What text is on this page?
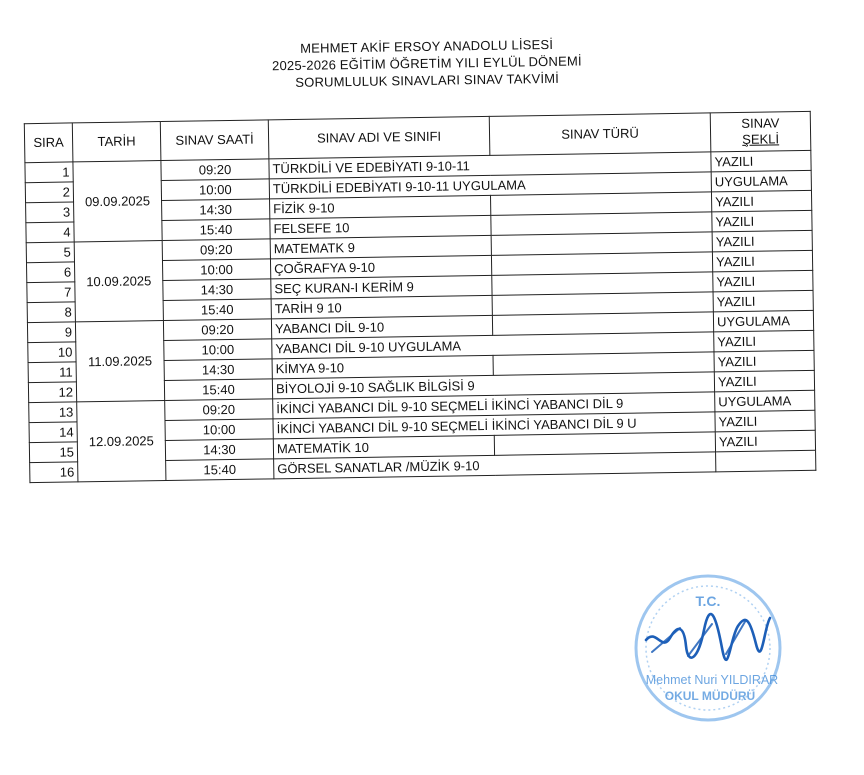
MEHMET AKİF ERSOY ANADOLU LİSESİ
2025-2026 EĞİTİM ÖĞRETİM YILI EYLÜL DÖNEMİ
SORUMLULUK SINAVLARI SINAV TAKVİMİ
SIRA	TARİH	SINAV SAATİ	SINAV ADI VE SINIFI	SINAV TÜRÜ	SINAV
ŞEKLİ

1	09.09.2025	09:20	TÜRKDİLİ VE EDEBİYATI 9-10-11		YAZILI
2		10:00	TÜRKDİLİ EDEBİYATI 9-10-11 UYGULAMA		UYGULAMA
3		14:30	FİZİK 9-10		YAZILI
4		15:40	FELSEFE 10		YAZILI
5	10.09.2025	09:20	MATEMATK 9		YAZILI
6		10:00	ÇOĞRAFYA 9-10		YAZILI
7		14:30	SEÇ KURAN-I KERİM 9		YAZILI
8		15:40	TARİH 9 10		YAZILI
9	11.09.2025	09:20	YABANCI DİL 9-10		UYGULAMA
10		10:00	YABANCI DİL 9-10 UYGULAMA		YAZILI
11		14:30	KİMYA 9-10		YAZILI
12		15:40	BİYOLOJİ 9-10 SAĞLIK BİLGİSİ 9		YAZILI
13	12.09.2025	09:20	İKİNCİ YABANCI DİL 9-10 SEÇMELİ İKİNCİ YABANCI DİL 9		UYGULAMA
14		10:00	İKİNCİ YABANCI DİL 9-10 SEÇMELİ İKİNCİ YABANCI DİL 9 U		YAZILI
15		14:30	MATEMATİK 10		YAZILI
16		15:40	GÖRSEL SANATLAR /MÜZİK 9-10		
T.C.
Mehmet Nuri YILDIRAR
OKUL MÜDÜRÜ
